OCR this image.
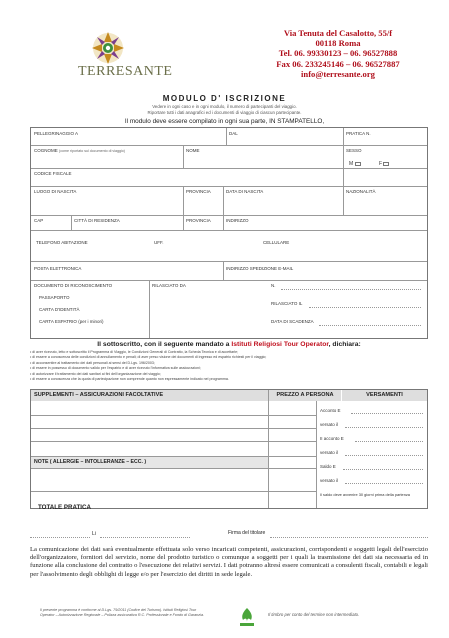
TERRESANTE
Via Tenuta del Casalotto, 55/f
00118 Roma
Tel. 06. 99330123 – 06. 96527888
Fax 06. 233245146 – 06. 96527887
info@terresante.org
MODULO D' ISCRIZIONE
Vedere in ogni caso e in ogni modulo, il numero di partecipanti del viaggio.
Riportare tutti i dati anagrafici ed i documenti di viaggio di ciascun partecipante.
Il modulo deve essere compilato in ogni sua parte, IN STAMPATELLO,
PELLEGRINAGGIO A	DAL	PRATICA N.
COGNOME (come riportato sul documento di viaggio)	NOME	SESSO
M	F
CODICE FISCALE
LUOGO DI NASCITA	PROVINCIA	DATA DI NASCITA	NAZIONALITÀ
CAP	CITTÀ DI RESIDENZA	PROVINCIA	INDIRIZZO
TELEFONO ABITAZIONE	UFF.	CELLULARE
POSTA ELETTRONICA	INDIRIZZO SPEDIZIONE E-MAIL
DOCUMENTO DI RICONOSCIMENTO	RILASCIATO DA
PASSAPORTO
CARTA D'IDENTITÀ
CARTA ESPATRIO (per i minori)
N.
RILASCIATO IL
DATA DI SCADENZA
Il sottoscritto, con il seguente mandato a Istituti Religiosi Tour Operator, dichiara:
• di aver ricevuto, letto e sottoscritto il Programma di Viaggio, le Condizioni Generali di Contratto, la Scheda Tecnica e di accettarle;
• di essere a conoscenza delle condizioni di annullamento e penali; di aver preso visione dei documenti di ingresso ed espatrio richiesti per il viaggio;
• di acconsentire al trattamento dei dati personali ai sensi del D.Lgs. 196/2003;
• di essere in possesso di documento valido per l'espatrio e di aver ricevuto l'informativa sulle assicurazioni;
• di autorizzare il trattamento dei dati sanitari ai fini dell'organizzazione del viaggio;
• di essere a conoscenza che la quota di partecipazione non comprende quanto non espressamente indicato nel programma.
SUPPLEMENTI – ASSICURAZIONI FACOLTATIVE	PREZZO A PERSONA	VERSAMENTI
NOTE ( ALLERGIE – INTOLLERANZE – ECC. )
Acconto E
versato il
II acconto E
versato il
Saldo E
versato il
Il saldo deve avvenire 30 giorni prima della partenza
TOTALE PRATICA
Li	Firma del titolare
La comunicazione dei dati sarà eventualmente effettuata solo verso incaricati competenti, assicurazioni, corrispondenti e soggetti legali dell'esercizio dell'organizzatore, fornitori del servizio, nome del prodotto turistico o comunque a soggetti per i quali la trasmissione dei dati sia necessaria ed in funzione alla conclusione del contratto o l'esecuzione dei relativi servizi. I dati potranno altresì essere comunicati a consulenti fiscali, contabili e legali per l'assolvimento degli obblighi di legge e/o per l'esercizio dei diritti in sede legale.
Il presente programma è conforme al D.Lgs. 79/2011 (Codice del Turismo). Istituti Religiosi Tour Operator – Autorizzazione Regionale – Polizza assicurativa R.C. Professionale e Fondo di Garanzia.	Il timbro per conto del termine non intermediato.
